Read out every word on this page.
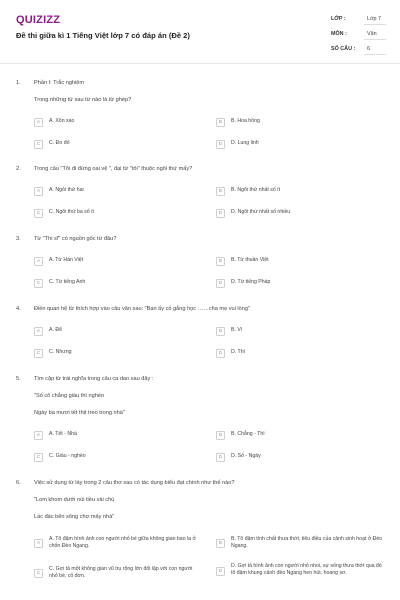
QUIZIZZ
Đề thi giữa kì 1 Tiếng Việt lớp 7 có đáp án (Đề 2)
LỚP :	Lớp 7
MÔN :	Văn
SỐ CÂU : 6
1. Phần I: Trắc nghiệm
Trong những từ sau từ nào là từ ghép?
A	A. Xôn xao	B	B. Hoa hồng
C	C. Đo đỏ	D	D. Lung linh
2. Trong câu "Tôi đi đứng oai vệ ", đại từ "tôi" thuộc ngôi thứ mấy?
A	A. Ngôi thứ hai	B	B. Ngôi thứ nhất số ít
C	C. Ngôi thứ ba số ít	D	D. Ngôi thứ nhất số nhiều
3. Từ "Thi sĩ" có nguồn gốc từ đâu?
A	A. Từ Hán Việt	B	B. Từ thuần Việt
C	C. Từ tiếng Anh	D	D. Từ tiếng Pháp
4. Điền quan hệ từ thích hợp vào câu văn sau: "Bạn ấy cố gắng học ……cha mẹ vui lòng"
A	A. Để	B	B. Vì
C	C. Nhưng	D	D. Thì
5. Tìm cặp từ trái nghĩa trong câu ca dao sau đây :
"Số cô chẳng giàu thì nghèo
Ngày ba mươi tết thịt treo trong nhà"
A	A. Tết - Nhà	B	B. Chẳng - Thì
C	C. Giàu - nghèo	D	D. Số - Ngày
6. Việc sử dụng từ láy trong 2 câu thơ sau có tác dụng biểu đạt chính như thế nào?
"Lom khom dưới núi tiều vài chú
Lác đác bên sông chợ mấy nhà"
A
A. Tô đậm hình ảnh con người nhỏ bé giữa không gian bao la ở chốn Đèo Ngang.	B
B. Tô đậm tính chất thưa thớt, tiêu điều của cảnh sinh hoạt ở Đèo Ngang.
C
C. Gợi tả một không gian vũ trụ rộng lớn đối lập với con người nhỏ bé, cô đơn.
D
D. Gợi tả hình ảnh con người nhỏ nhoi, sự sống thưa thớt qua đó tô đậm khung cảnh đèo Ngang heo hút, hoang sơ.
